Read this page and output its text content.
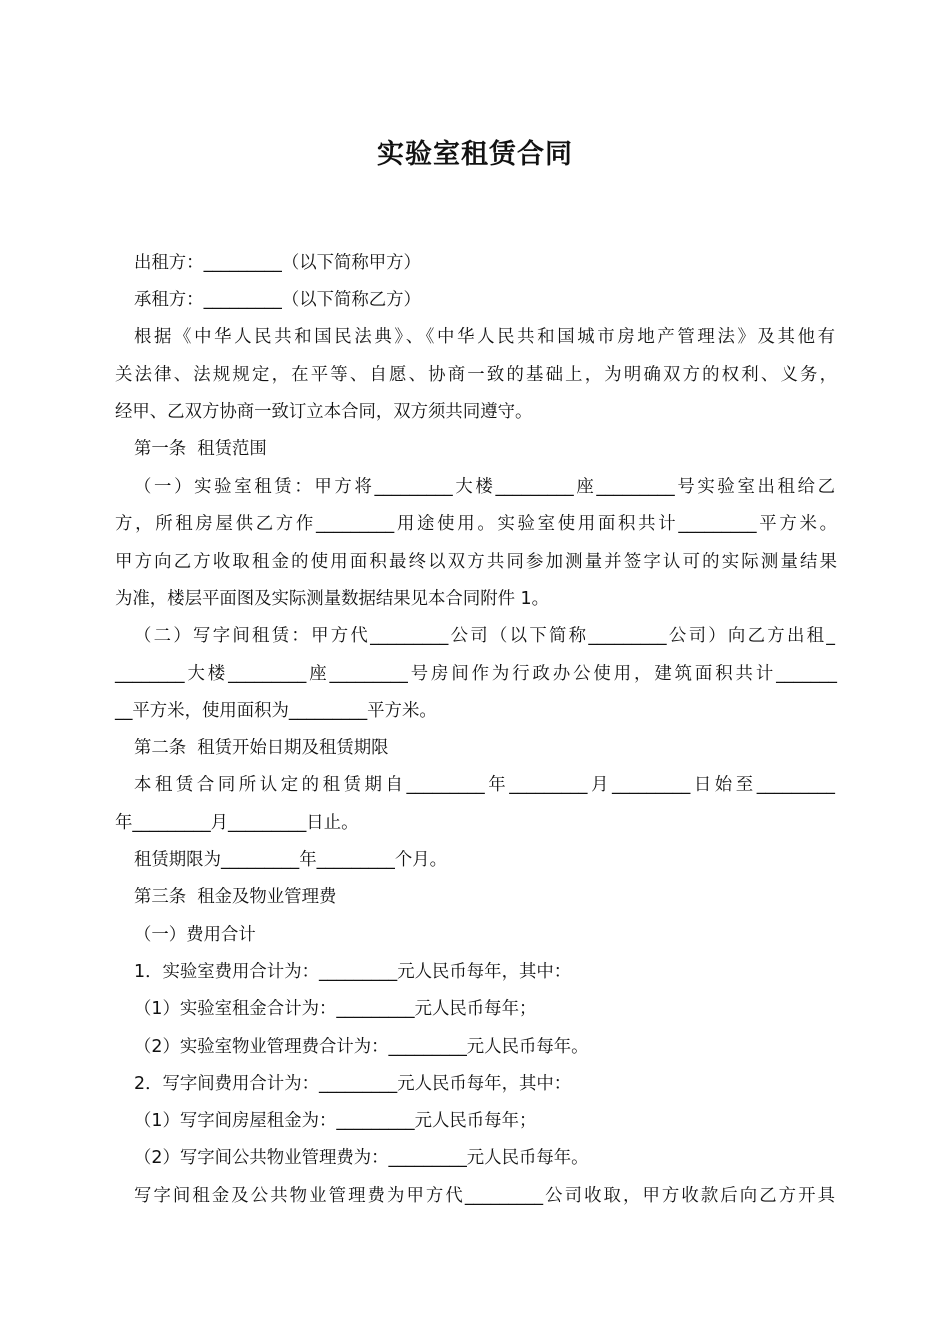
实验室租赁合同
出租方：_________（以下简称甲方）
承租方：_________（以下简称乙方）
根据《中华人民共和国民法典》、《中华人民共和国城市房地产管理法》及其他有
关法律、法规规定，在平等、自愿、协商一致的基础上，为明确双方的权利、义务，
经甲、乙双方协商一致订立本合同，双方须共同遵守。
第一条  租赁范围
（一）实验室租赁：甲方将_________大楼_________座_________号实验室出租给乙
方，所租房屋供乙方作_________用途使用。实验室使用面积共计_________平方米。
甲方向乙方收取租金的使用面积最终以双方共同参加测量并签字认可的实际测量结果
为准，楼层平面图及实际测量数据结果见本合同附件 1。
（二）写字间租赁：甲方代_________公司（以下简称_________公司）向乙方出租_
________大楼_________座_________号房间作为行政办公使用，建筑面积共计_______
__平方米，使用面积为_________平方米。
第二条  租赁开始日期及租赁期限
本租赁合同所认定的租赁期自_________年_________月_________日始至_________
年_________月_________日止。
租赁期限为_________年_________个月。
第三条  租金及物业管理费
（一）费用合计
1．实验室费用合计为：_________元人民币每年，其中：
（1）实验室租金合计为：_________元人民币每年；
（2）实验室物业管理费合计为：_________元人民币每年。
2．写字间费用合计为：_________元人民币每年，其中：
（1）写字间房屋租金为：_________元人民币每年；
（2）写字间公共物业管理费为：_________元人民币每年。
写字间租金及公共物业管理费为甲方代_________公司收取，甲方收款后向乙方开具
